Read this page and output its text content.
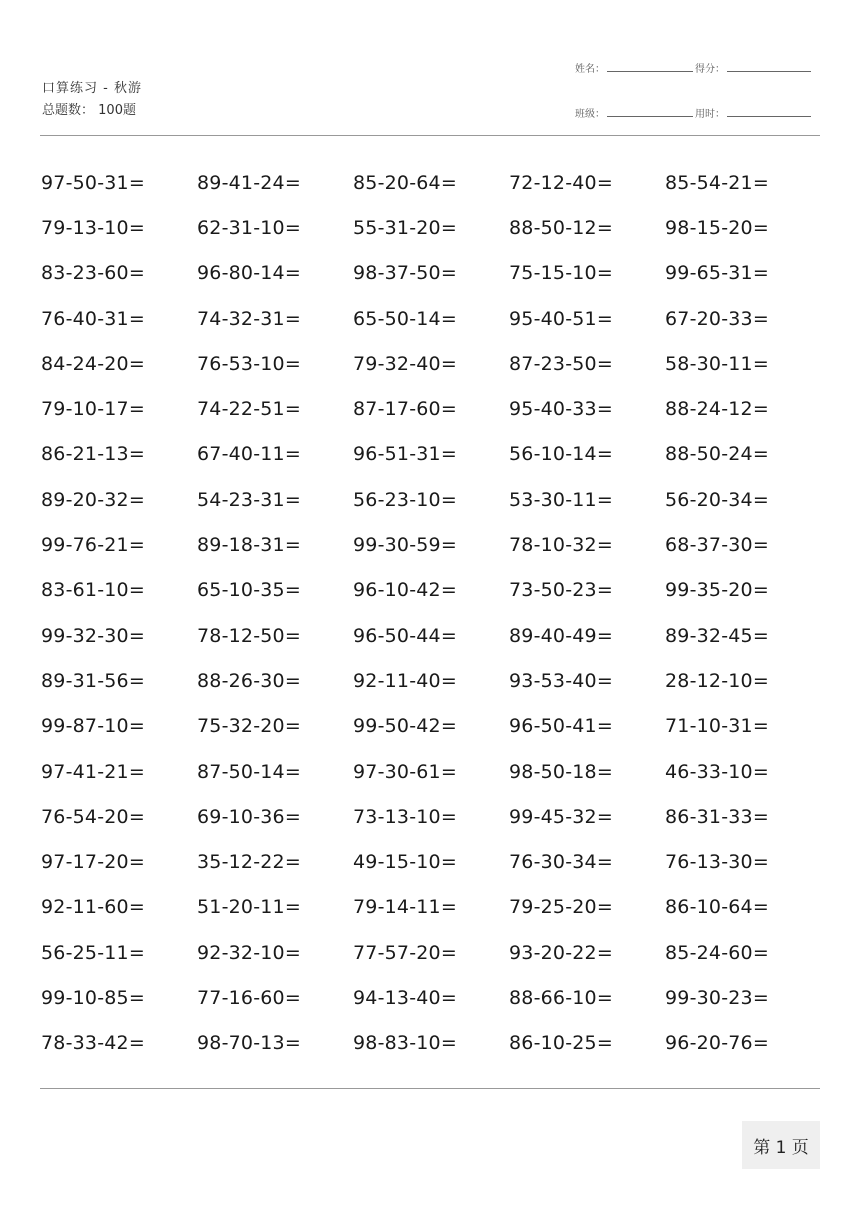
口算练习 - 秋游
总题数： 100题
姓名：	得分：
班级：	用时：
97-50-31=	89-41-24=	85-20-64=	72-12-40=	85-54-21=
79-13-10=	62-31-10=	55-31-20=	88-50-12=	98-15-20=
83-23-60=	96-80-14=	98-37-50=	75-15-10=	99-65-31=
76-40-31=	74-32-31=	65-50-14=	95-40-51=	67-20-33=
84-24-20=	76-53-10=	79-32-40=	87-23-50=	58-30-11=
79-10-17=	74-22-51=	87-17-60=	95-40-33=	88-24-12=
86-21-13=	67-40-11=	96-51-31=	56-10-14=	88-50-24=
89-20-32=	54-23-31=	56-23-10=	53-30-11=	56-20-34=
99-76-21=	89-18-31=	99-30-59=	78-10-32=	68-37-30=
83-61-10=	65-10-35=	96-10-42=	73-50-23=	99-35-20=
99-32-30=	78-12-50=	96-50-44=	89-40-49=	89-32-45=
89-31-56=	88-26-30=	92-11-40=	93-53-40=	28-12-10=
99-87-10=	75-32-20=	99-50-42=	96-50-41=	71-10-31=
97-41-21=	87-50-14=	97-30-61=	98-50-18=	46-33-10=
76-54-20=	69-10-36=	73-13-10=	99-45-32=	86-31-33=
97-17-20=	35-12-22=	49-15-10=	76-30-34=	76-13-30=
92-11-60=	51-20-11=	79-14-11=	79-25-20=	86-10-64=
56-25-11=	92-32-10=	77-57-20=	93-20-22=	85-24-60=
99-10-85=	77-16-60=	94-13-40=	88-66-10=	99-30-23=
78-33-42=	98-70-13=	98-83-10=	86-10-25=	96-20-76=
第 1 页
